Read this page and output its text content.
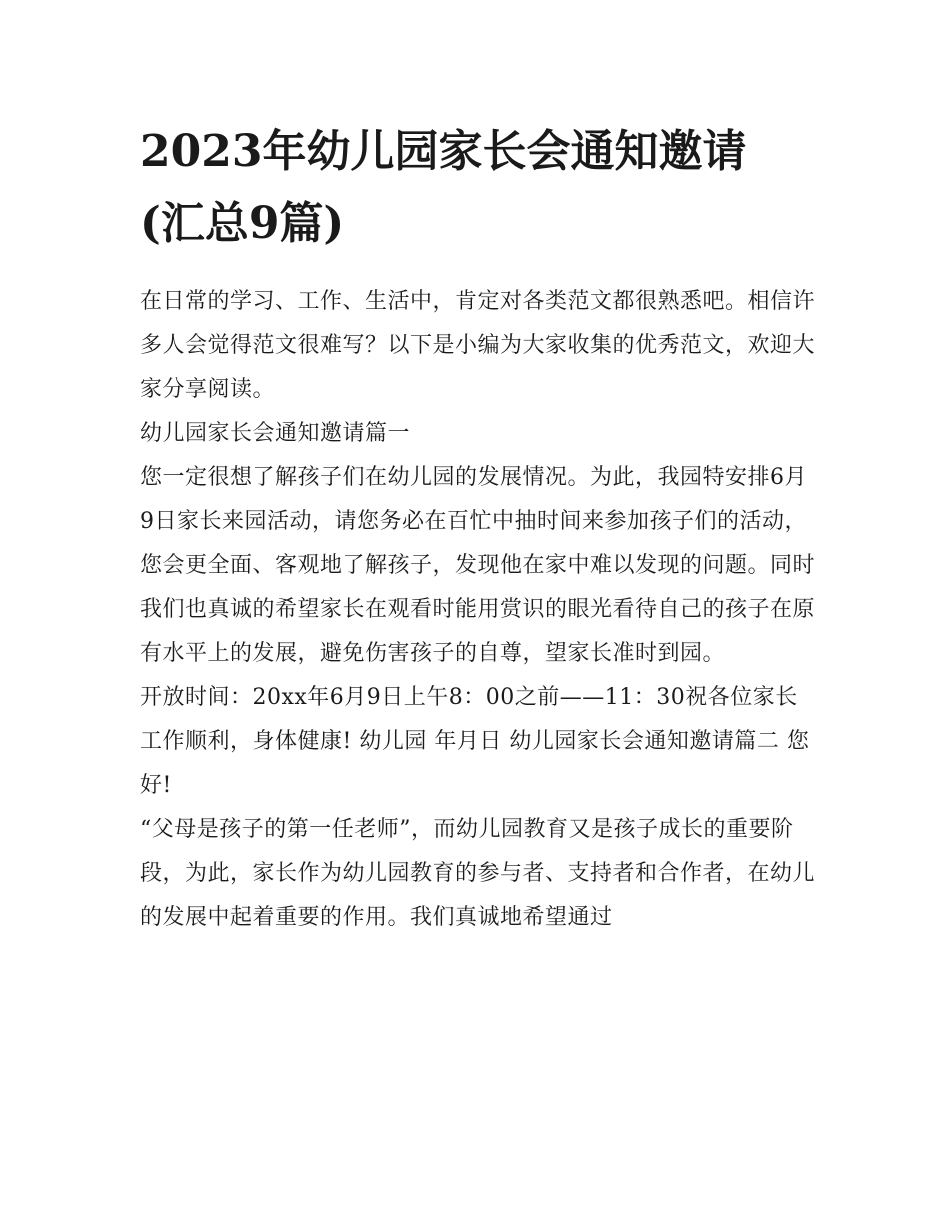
2023年幼儿园家长会通知邀请
(汇总9篇)

在日常的学习、工作、生活中，肯定对各类范文都很熟悉吧。相信许多人会觉得范文很难写？以下是小编为大家收集的优秀范文，欢迎大家分享阅读。

幼儿园家长会通知邀请篇一

您一定很想了解孩子们在幼儿园的发展情况。为此，我园特安排6月9日家长来园活动，请您务必在百忙中抽时间来参加孩子们的活动，您会更全面、客观地了解孩子，发现他在家中难以发现的问题。同时我们也真诚的希望家长在观看时能用赏识的眼光看待自己的孩子在原有水平上的发展，避免伤害孩子的自尊，望家长准时到园。

开放时间：20xx年6月9日上午8：00之前——11：30祝各位家长工作顺利，身体健康! 幼儿园 年月日 幼儿园家长会通知邀请篇二 您好!

“父母是孩子的第一任老师”，而幼儿园教育又是孩子成长的重要阶段，为此，家长作为幼儿园教育的参与者、支持者和合作者，在幼儿的发展中起着重要的作用。我们真诚地希望通过
